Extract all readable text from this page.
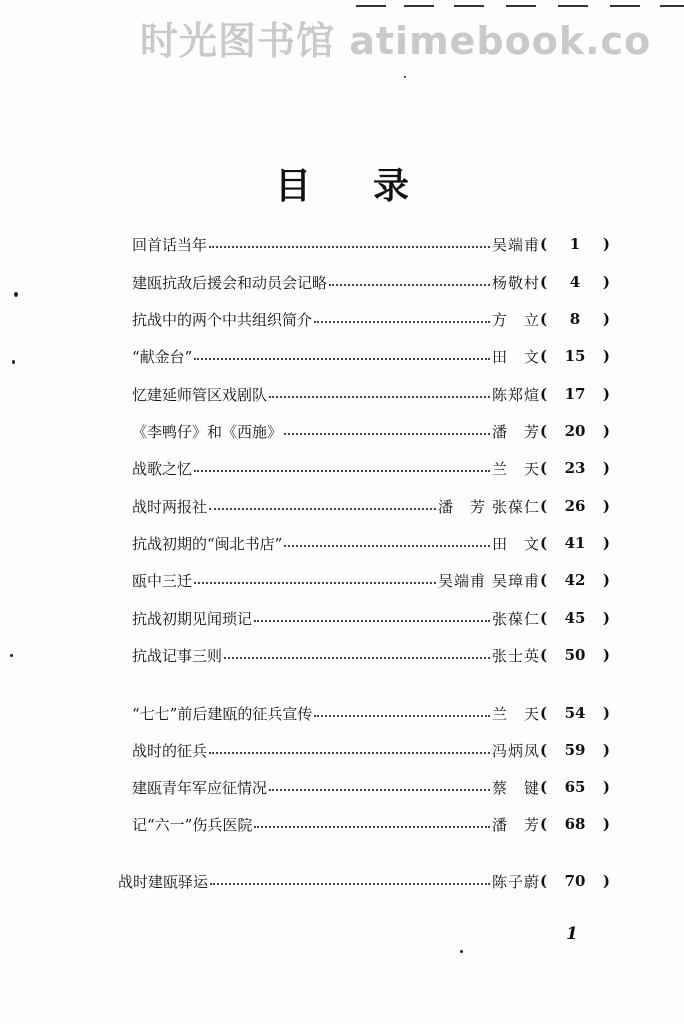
时光图书馆 atimebook.co
目 录
回首话当年	吴端甫 ( 1 )
建瓯抗敌后援会和动员会记略	杨敬村 ( 4 )
抗战中的两个中共组织简介	方　立 ( 8 )
“献金台”	田　文 ( 15 )
忆建延师管区戏剧队	陈郑煊 ( 17 )
《李鸭仔》和《西施》	潘　芳 ( 20 )
战歌之忆	兰　天 ( 23 )
战时两报社	潘　芳 张葆仁 ( 26 )
抗战初期的“闽北书店”	田　文 ( 41 )
瓯中三迁	吴端甫 吴璋甫 ( 42 )
抗战初期见闻琐记	张葆仁 ( 45 )
抗战记事三则	张士英 ( 50 )
“七七”前后建瓯的征兵宣传	兰　天 ( 54 )
战时的征兵	冯炳凤 ( 59 )
建瓯青年军应征情况	蔡　键 ( 65 )
记“六一”伤兵医院	潘　芳 ( 68 )
战时建瓯驿运	陈子蔚 ( 70 )
1
